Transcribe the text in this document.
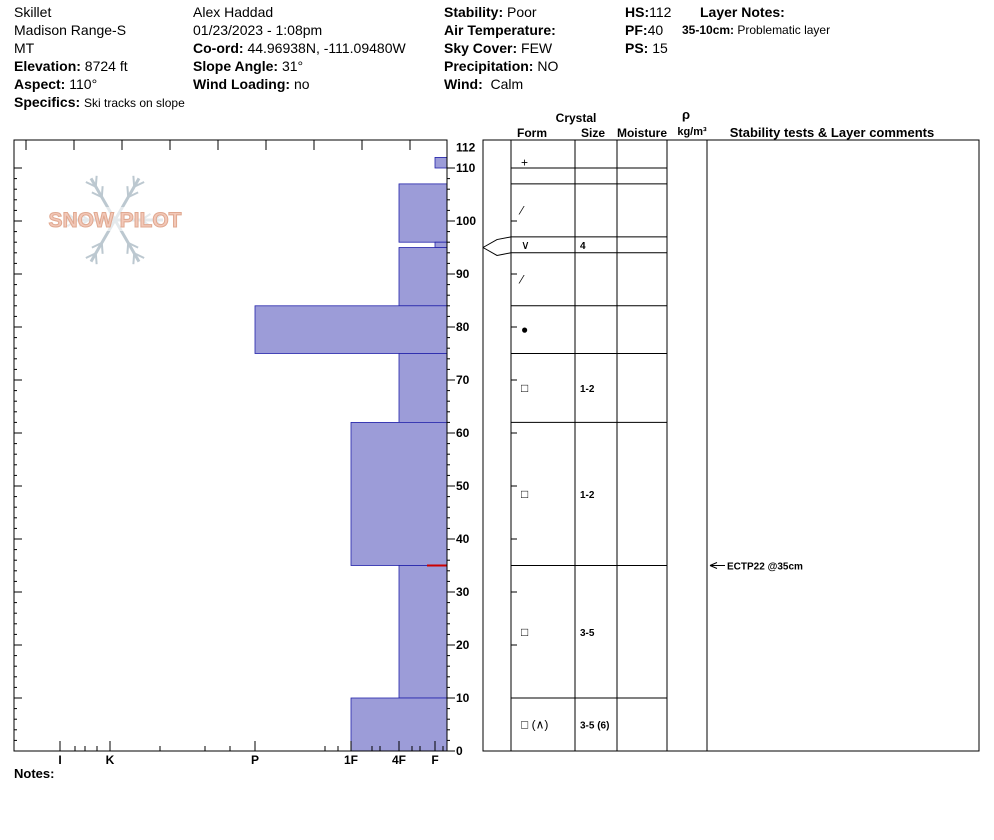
Skillet
Madison Range-S
MT
Elevation: 8724 ft
Aspect: 110°
Specifics: Ski tracks on slope
Alex Haddad
01/23/2023 - 1:08pm
Co-ord: 44.96938N, -111.09480W
Slope Angle: 31°
Wind Loading: no
Stability: Poor
Air Temperature:
Sky Cover: FEW
Precipitation: NO
Wind: Calm
HS:112
PF:40
PS: 15
Layer Notes:
35-10cm: Problematic layer
SNOW PILOT
0
10
20
30
40
50
60
70
80
90
100
110
112
I	K	P	1F	4F F
Crystal
Form	Size Moisture
ρ
kg/m³ Stability tests & Layer comments
+
⁄
∨	4
⁄
●
□	1-2
□	1-2
□	3-5
□ (∧)	3-5 (6)
ECTP22 @35cm
Notes:
